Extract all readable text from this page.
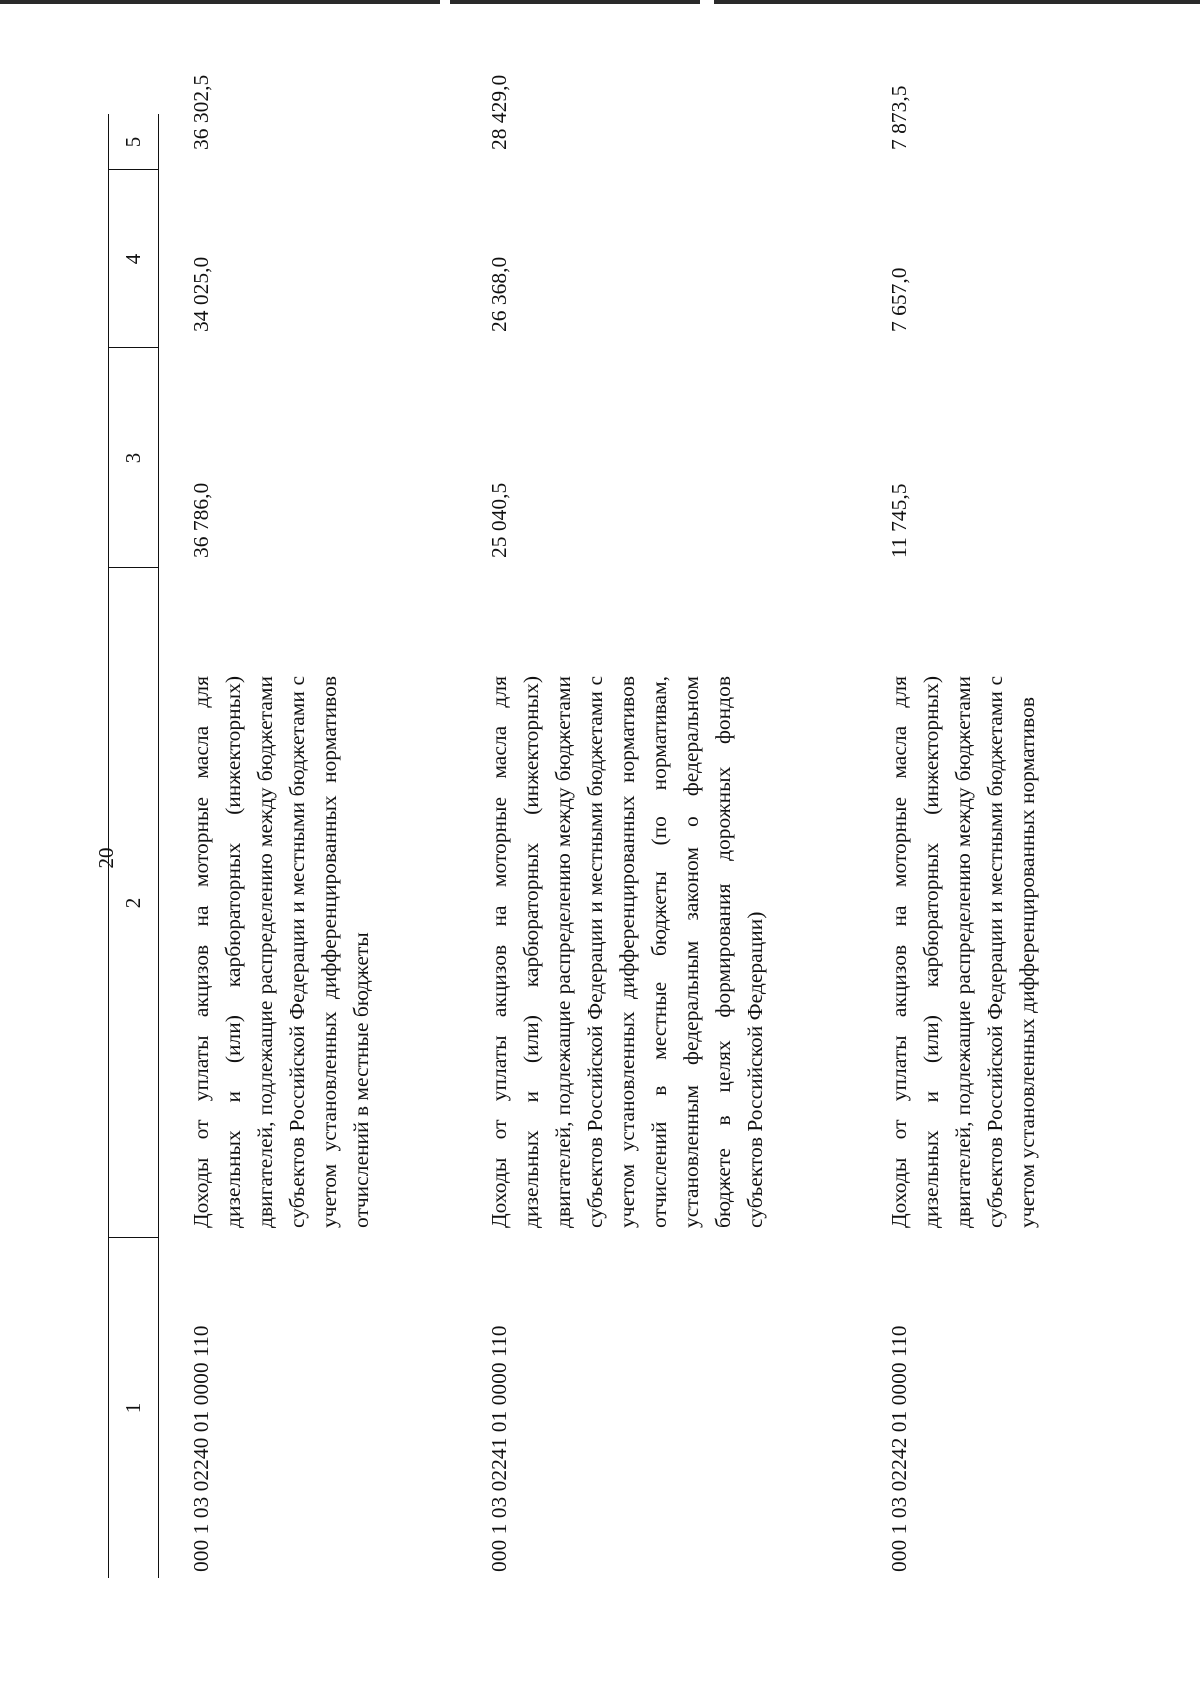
1
2
3
4
5
000 1 03 02240 01 0000 110
Доходы от уплаты акцизов на моторные масла для дизельных и (или) карбюраторных (инжекторных) двигателей, подлежащие распределению между бюджетами субъектов Российской Федерации и местными бюджетами с учетом установленных дифференцированных нормативов отчислений в местные бюджеты
36 786,0
34 025,0
36 302,5
000 1 03 02241 01 0000 110
Доходы от уплаты акцизов на моторные масла для дизельных и (или) карбюраторных (инжекторных) двигателей, подлежащие распределению между бюджетами субъектов Российской Федерации и местными бюджетами с учетом установленных дифференцированных нормативов отчислений в местные бюджеты (по нормативам, установленным федеральным законом о федеральном бюджете в целях формирования дорожных фондов субъектов Российской Федерации)
25 040,5
26 368,0
28 429,0
000 1 03 02242 01 0000 110
Доходы от уплаты акцизов на моторные масла для дизельных и (или) карбюраторных (инжекторных) двигателей, подлежащие распределению между бюджетами субъектов Российской Федерации и местными бюджетами с учетом установленных дифференцированных нормативов
11 745,5
7 657,0
7 873,5
20
